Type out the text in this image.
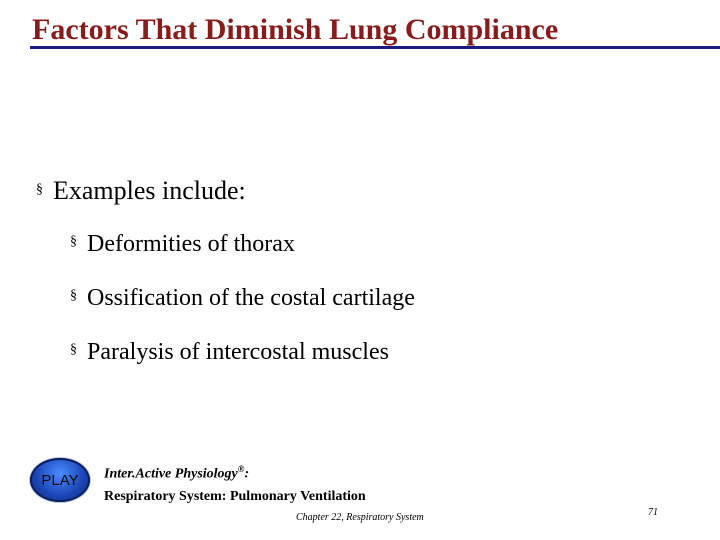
Factors That Diminish Lung Compliance
§ Examples include:
§ Deformities of thorax
§ Ossification of the costal cartilage
§ Paralysis of intercostal muscles
PLAY Inter.Active Physiology®:
Respiratory System: Pulmonary Ventilation
Chapter 22, Respiratory System	71
